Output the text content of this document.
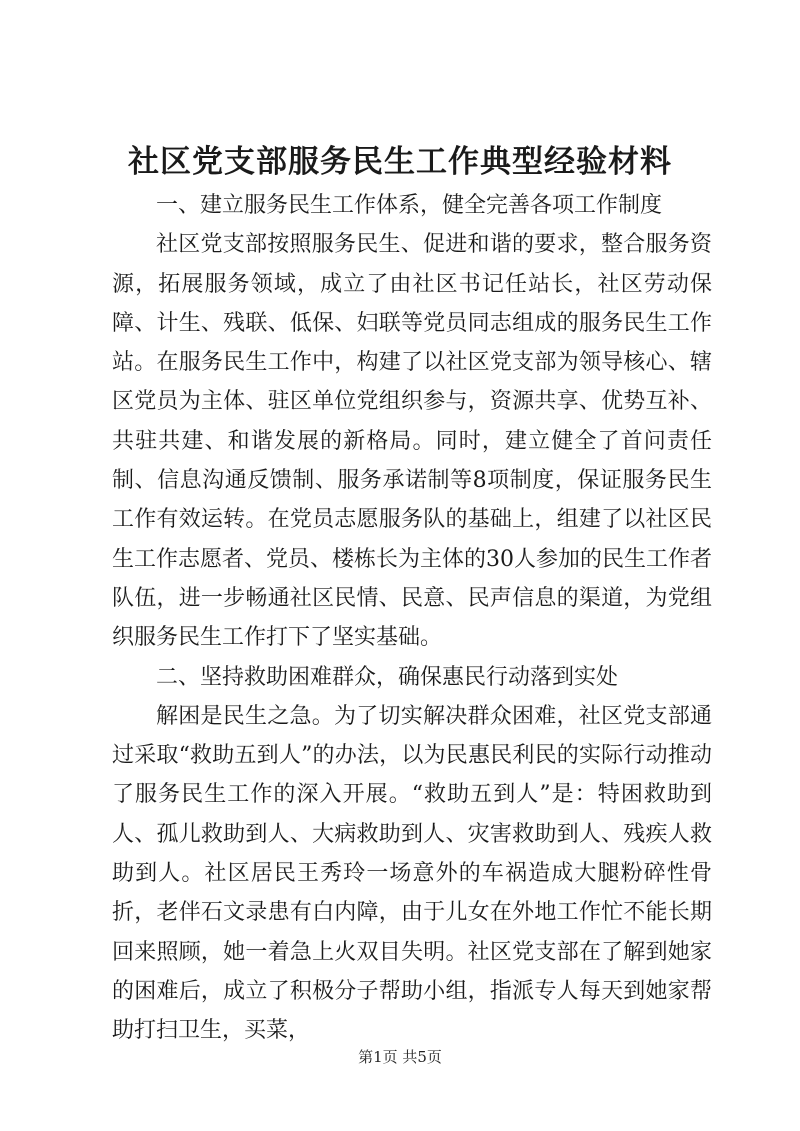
社区党支部服务民生工作典型经验材料

一、建立服务民生工作体系，健全完善各项工作制度

社区党支部按照服务民生、促进和谐的要求，整合服务资源，拓展服务领域，成立了由社区书记任站长，社区劳动保障、计生、残联、低保、妇联等党员同志组成的服务民生工作站。在服务民生工作中，构建了以社区党支部为领导核心、辖区党员为主体、驻区单位党组织参与，资源共享、优势互补、共驻共建、和谐发展的新格局。同时，建立健全了首问责任制、信息沟通反馈制、服务承诺制等8项制度，保证服务民生工作有效运转。在党员志愿服务队的基础上，组建了以社区民生工作志愿者、党员、楼栋长为主体的30人参加的民生工作者队伍，进一步畅通社区民情、民意、民声信息的渠道，为党组织服务民生工作打下了坚实基础。

二、坚持救助困难群众，确保惠民行动落到实处

解困是民生之急。为了切实解决群众困难，社区党支部通过采取“救助五到人”的办法，以为民惠民利民的实际行动推动了服务民生工作的深入开展。“救助五到人”是：特困救助到人、孤儿救助到人、大病救助到人、灾害救助到人、残疾人救助到人。社区居民王秀玲一场意外的车祸造成大腿粉碎性骨折，老伴石文录患有白内障，由于儿女在外地工作忙不能长期回来照顾，她一着急上火双目失明。社区党支部在了解到她家的困难后，成立了积极分子帮助小组，指派专人每天到她家帮助打扫卫生，买菜，

第1页 共5页
